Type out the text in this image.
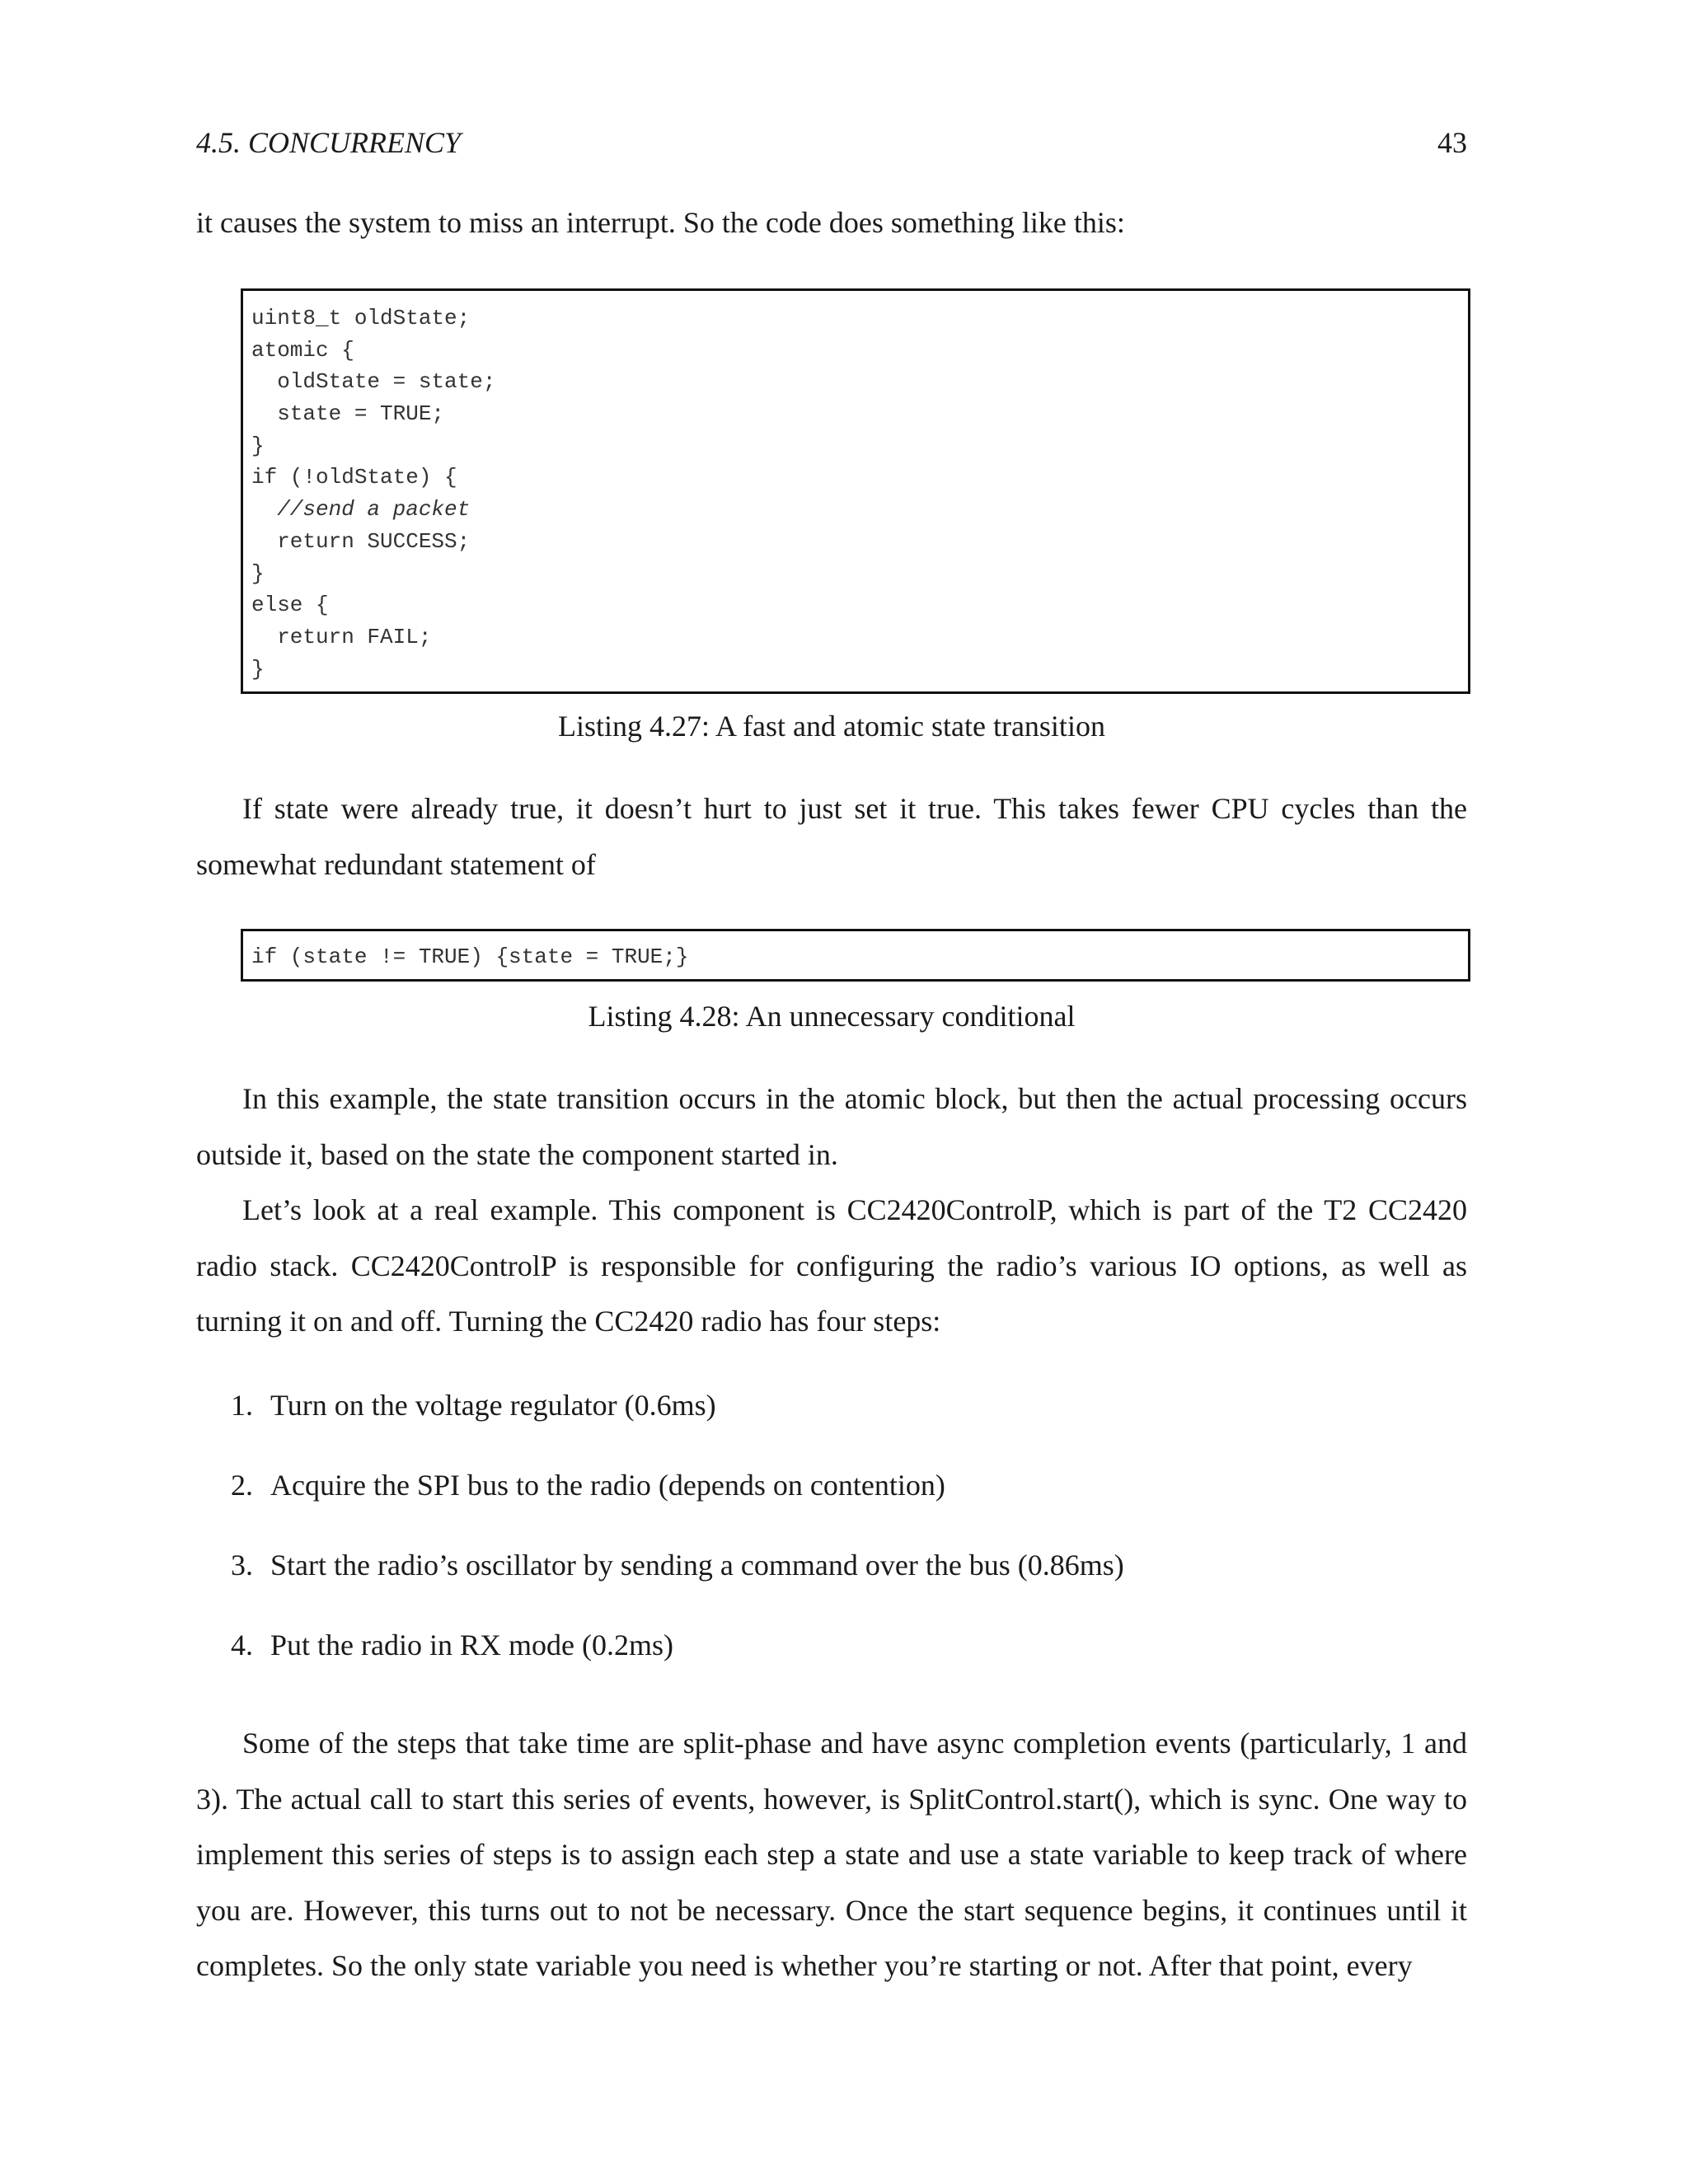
4.5. CONCURRENCY	43

it causes the system to miss an interrupt. So the code does something like this:

uint8_t oldState;
atomic {
oldState = state;
state = TRUE;
}
if (!oldState) {
//send a packet
return SUCCESS;
}
else {
return FAIL;
}
Listing 4.27: A fast and atomic state transition

If state were already true, it doesn’t hurt to just set it true. This takes fewer CPU cycles than the somewhat redundant statement of

if (state != TRUE) {state = TRUE;}
Listing 4.28: An unnecessary conditional

In this example, the state transition occurs in the atomic block, but then the actual processing occurs outside it, based on the state the component started in.

Let’s look at a real example. This component is CC2420ControlP, which is part of the T2 CC2420 radio stack. CC2420ControlP is responsible for configuring the radio’s various IO options, as well as turning it on and off. Turning the CC2420 radio has four steps:

1. Turn on the voltage regulator (0.6ms)
2. Acquire the SPI bus to the radio (depends on contention)
3. Start the radio’s oscillator by sending a command over the bus (0.86ms)
4. Put the radio in RX mode (0.2ms)

Some of the steps that take time are split-phase and have async completion events (particularly, 1 and 3). The actual call to start this series of events, however, is SplitControl.start(), which is sync. One way to implement this series of steps is to assign each step a state and use a state variable to keep track of where you are. However, this turns out to not be necessary. Once the start sequence begins, it continues until it completes. So the only state variable you need is whether you’re starting or not. After that point, every
